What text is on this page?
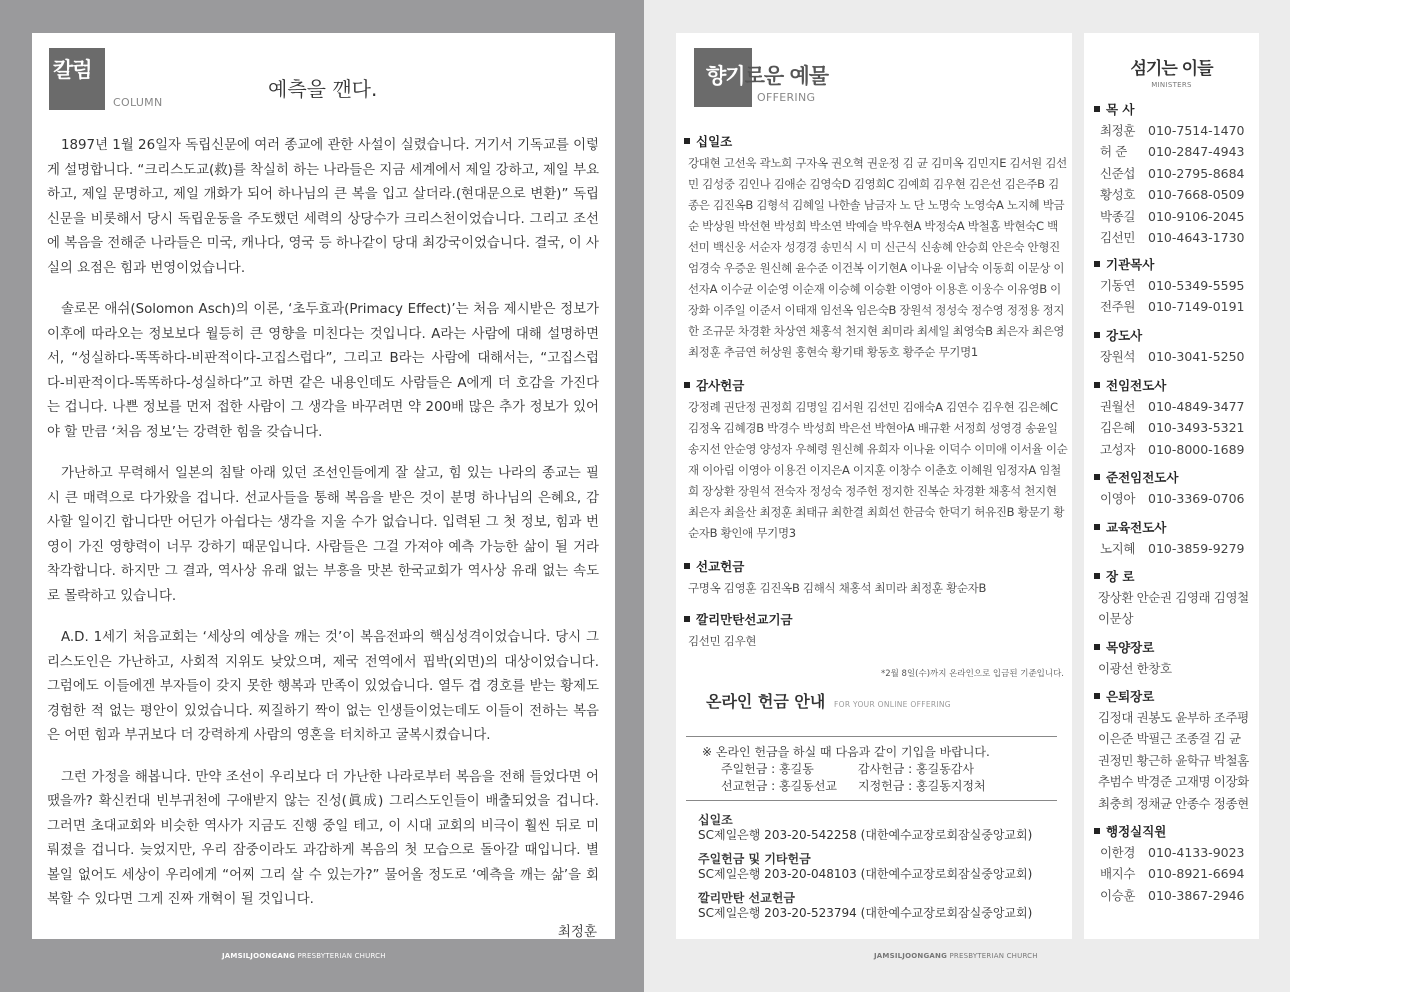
칼럼
COLUMN
예측을 깬다.

1897년 1월 26일자 독립신문에 여러 종교에 관한 사설이 실렸습니다. 거기서 기독교를 이렇게 설명합니다. “크리스도교(救)를 착실히 하는 나라들은 지금 세계에서 제일 강하고, 제일 부요하고, 제일 문명하고, 제일 개화가 되어 하나님의 큰 복을 입고 살더라.(현대문으로 변환)” 독립신문을 비롯해서 당시 독립운동을 주도했던 세력의 상당수가 크리스천이었습니다. 그리고 조선에 복음을 전해준 나라들은 미국, 캐나다, 영국 등 하나같이 당대 최강국이었습니다. 결국, 이 사실의 요점은 힘과 번영이었습니다.

솔로몬 애쉬(Solomon Asch)의 이론, ‘초두효과(Primacy Effect)’는 처음 제시받은 정보가 이후에 따라오는 정보보다 월등히 큰 영향을 미친다는 것입니다. A라는 사람에 대해 설명하면서, “성실하다-똑똑하다-비판적이다-고집스럽다”, 그리고 B라는 사람에 대해서는, “고집스럽다-비판적이다-똑똑하다-성실하다”고 하면 같은 내용인데도 사람들은 A에게 더 호감을 가진다는 겁니다. 나쁜 정보를 먼저 접한 사람이 그 생각을 바꾸려면 약 200배 많은 추가 정보가 있어야 할 만큼 ‘처음 정보’는 강력한 힘을 갖습니다.

가난하고 무력해서 일본의 침탈 아래 있던 조선인들에게 잘 살고, 힘 있는 나라의 종교는 필시 큰 매력으로 다가왔을 겁니다. 선교사들을 통해 복음을 받은 것이 분명 하나님의 은혜요, 감사할 일이긴 합니다만 어딘가 아쉽다는 생각을 지울 수가 없습니다. 입력된 그 첫 정보, 힘과 번영이 가진 영향력이 너무 강하기 때문입니다. 사람들은 그걸 가져야 예측 가능한 삶이 될 거라 착각합니다. 하지만 그 결과, 역사상 유래 없는 부흥을 맛본 한국교회가 역사상 유래 없는 속도로 몰락하고 있습니다.

A.D. 1세기 처음교회는 ‘세상의 예상을 깨는 것’이 복음전파의 핵심성격이었습니다. 당시 그리스도인은 가난하고, 사회적 지위도 낮았으며, 제국 전역에서 핍박(외면)의 대상이었습니다. 그럼에도 이들에겐 부자들이 갖지 못한 행복과 만족이 있었습니다. 열두 겹 경호를 받는 황제도 경험한 적 없는 평안이 있었습니다. 찌질하기 짝이 없는 인생들이었는데도 이들이 전하는 복음은 어떤 힘과 부귀보다 더 강력하게 사람의 영혼을 터치하고 굴복시켰습니다.

그런 가정을 해봅니다. 만약 조선이 우리보다 더 가난한 나라로부터 복음을 전해 들었다면 어땠을까? 확신컨대 빈부귀천에 구애받지 않는 진성(眞成) 그리스도인들이 배출되었을 겁니다. 그러면 초대교회와 비슷한 역사가 지금도 진행 중일 테고, 이 시대 교회의 비극이 훨씬 뒤로 미뤄졌을 겁니다. 늦었지만, 우리 잠중이라도 과감하게 복음의 첫 모습으로 돌아갈 때입니다. 별 볼일 없어도 세상이 우리에게 “어찌 그리 살 수 있는가?” 물어올 정도로 ‘예측을 깨는 삶’을 회복할 수 있다면 그게 진짜 개혁이 될 것입니다.

최정훈
JAMSILJOONGANG PRESBYTERIAN CHURCH
향기로운 예물
OFFERING
십일조
강대현 고선욱 곽노희 구자옥 권오혁 권운정 김 균 김미옥 김민지E 김서원 김선민 김성중 김인나 김애순 김영숙D 김영희C 김예희 김우현 김은선 김은주B 김종은 김진옥B 김형석 김혜일 나한솔 남금자 노 단 노명숙 노영숙A 노지혜 박금순 박상원 박선현 박성희 박소연 박예슬 박우현A 박정숙A 박철홈 박현숙C 백선미 백신웅 서순자 성경경 송민식 시 미 신근식 신송혜 안승희 안은숙 안형진 엄경숙 우증운 원신혜 윤수준 이건복 이기현A 이나윤 이남숙 이동희 이문상 이선자A 이수균 이순영 이순재 이승혜 이승환 이영아 이용흔 이웅수 이유영B 이장화 이주일 이준서 이태재 임선옥 임은숙B 장원석 정성숙 정수영 정정용 정지한 조규문 차경환 차상연 채홍석 천지현 최미라 최세일 최영숙B 최은자 최은영 최정훈 추금연 허상원 홍현숙 황기태 황동호 황주순 무기명1
감사헌금
강정례 권단정 권정희 김명일 김서원 김선민 김애숙A 김연수 김우현 김은혜C 김정옥 김혜경B 박경수 박성희 박은선 박현아A 배규환 서정희 성영경 송윤일 송지선 안순영 양성자 우혜령 원신혜 유희자 이나윤 이덕수 이미애 이서율 이순재 이아림 이영아 이용건 이지은A 이지훈 이창수 이춘호 이혜원 임정자A 임철희 장상환 장원석 전숙자 정성숙 정주헌 정지한 진복순 차경환 채홍석 천지현 최은자 최을산 최정훈 최태규 최한결 최희선 한금숙 한덕기 허유진B 황문기 황순자B 황인애 무기명3
선교헌금
구명옥 김영훈 김진옥B 김해식 채홍석 최미라 최정훈 황순자B
깔리만탄선교기금
김선민 김우현
*2월 8일(수)까지 온라인으로 입금된 기준입니다.
온라인 헌금 안내 FOR YOUR ONLINE OFFERING
※ 온라인 헌금을 하실 때 다음과 같이 기입을 바랍니다.
주일헌금 : 홍길동	감사헌금 : 홍길동감사
선교헌금 : 홍길동선교	지정헌금 : 홍길동지정처
십일조
SC제일은행 203-20-542258 (대한예수교장로회잠실중앙교회)
주일헌금 및 기타헌금
SC제일은행 203-20-048103 (대한예수교장로회잠실중앙교회)
깔리만탄 선교헌금
SC제일은행 203-20-523794 (대한예수교장로회잠실중앙교회)
JAMSILJOONGANG PRESBYTERIAN CHURCH
섬기는 이들
MINISTERS
목 사
최정훈	010-7514-1470
허 준	010-2847-4943
신준섭	010-2795-8684
황성호	010-7668-0509
박종길	010-9106-2045
김선민	010-4643-1730
기관목사
기동연	010-5349-5595
전주원	010-7149-0191
강도사
장원석	010-3041-5250
전임전도사
권월선	010-4849-3477
김은혜	010-3493-5321
고성자	010-8000-1689
준전임전도사
이영아	010-3369-0706
교육전도사
노지혜	010-3859-9279
장 로
장상환 안순권 김영래 김영철 이문상
목양장로
이광선 한창호
은퇴장로
김정대 권봉도 윤부하 조주평 이은준 박필근 조종걸 김 균 권정민 황근하 윤학규 박철홈 추범수 박경준 고재명 이장화 최충희 정채균 안종수 정종현
행정실직원
이한경	010-4133-9023
배지수	010-8921-6694
이승훈	010-3867-2946
